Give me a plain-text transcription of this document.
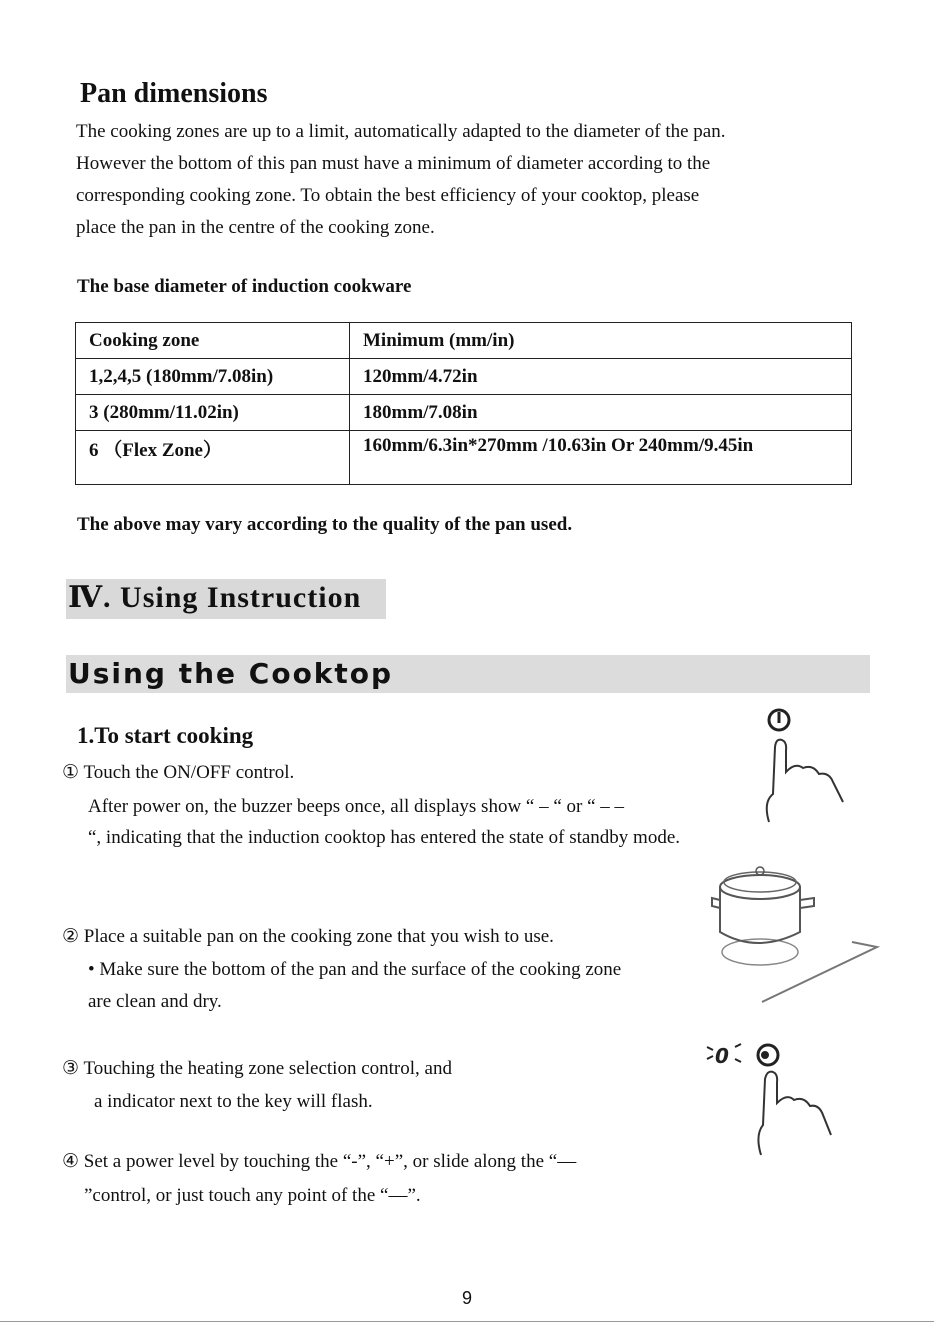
Pan dimensions

The cooking zones are up to a limit, automatically adapted to the diameter of the pan.

However the bottom of this pan must have a minimum of diameter according to the

corresponding cooking zone. To obtain the best efficiency of your cooktop, please

place the pan in the centre of the cooking zone.

The base diameter of induction cookware
Cooking zone	Minimum (mm/in)
1,2,4,5 (180mm/7.08in)	120mm/4.72in
3 (280mm/11.02in)	180mm/7.08in
6 （Flex Zone）	160mm/6.3in*270mm /10.63in Or 240mm/9.45in
The above may vary according to the quality of the pan used.
Ⅳ. Using Instruction
Using the Cooktop
1.To start cooking
① Touch the ON/OFF control.
After power on, the buzzer beeps once, all displays show “ – “ or “ – –
“, indicating that the induction cooktop has entered the state of standby mode.
② Place a suitable pan on the cooking zone that you wish to use.
• Make sure the bottom of the pan and the surface of the cooking zone
are clean and dry.
③ Touching the heating zone selection control, and
a indicator next to the key will flash.
④ Set a power level by touching the “-”, “+”, or slide along the “—
”control, or just touch any point of the “—”.
0
9
